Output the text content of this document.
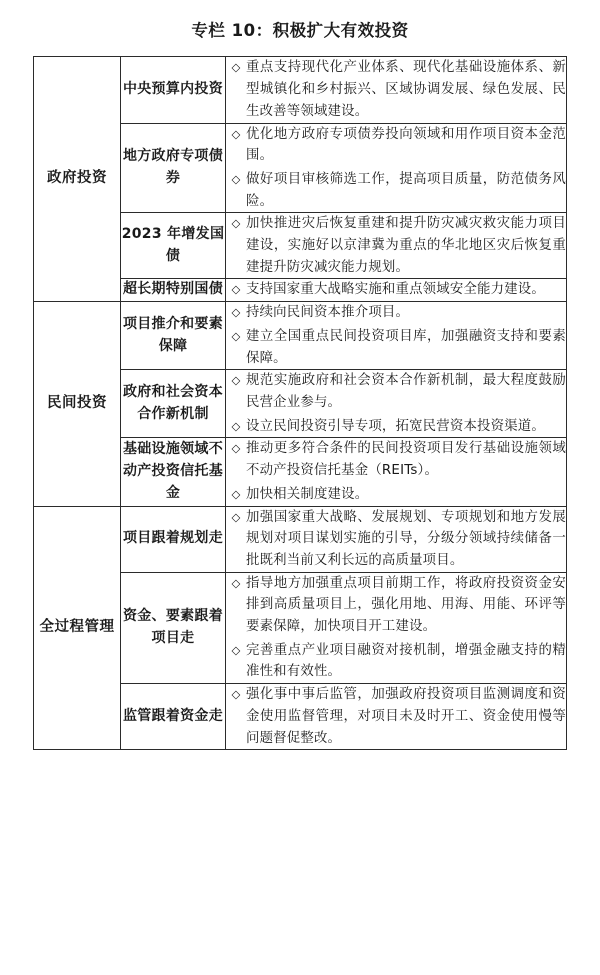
专栏 10：积极扩大有效投资
政府投资	中央预算内投资	
◇ 重点支持现代化产业体系、现代化基础设施体系、新型城镇化和乡村振兴、区域协调发展、绿色发展、民生改善等领域建设。

地方政府专项债券	
◇ 优化地方政府专项债券投向领域和用作项目资本金范围。
◇ 做好项目审核筛选工作，提高项目质量，防范债务风险。

2023 年增发国债	
◇ 加快推进灾后恢复重建和提升防灾减灾救灾能力项目建设，实施好以京津冀为重点的华北地区灾后恢复重建提升防灾减灾能力规划。

超长期特别国债	◇ 支持国家重大战略实施和重点领域安全能力建设。

民间投资	项目推介和要素保障	
◇ 持续向民间资本推介项目。
◇ 建立全国重点民间投资项目库，加强融资支持和要素保障。

政府和社会资本合作新机制	
◇ 规范实施政府和社会资本合作新机制，最大程度鼓励民营企业参与。
◇ 设立民间投资引导专项，拓宽民营资本投资渠道。

基础设施领域不动产投资信托基金	
◇ 推动更多符合条件的民间投资项目发行基础设施领域不动产投资信托基金（REITs）。
◇ 加快相关制度建设。

全过程管理	项目跟着规划走	
◇ 加强国家重大战略、发展规划、专项规划和地方发展规划对项目谋划实施的引导，分级分领域持续储备一批既利当前又利长远的高质量项目。

资金、要素跟着项目走	
◇ 指导地方加强重点项目前期工作，将政府投资资金安排到高质量项目上，强化用地、用海、用能、环评等要素保障，加快项目开工建设。
◇ 完善重点产业项目融资对接机制，增强金融支持的精准性和有效性。

监管跟着资金走	
◇ 强化事中事后监管，加强政府投资项目监测调度和资金使用监督管理，对项目未及时开工、资金使用慢等问题督促整改。
